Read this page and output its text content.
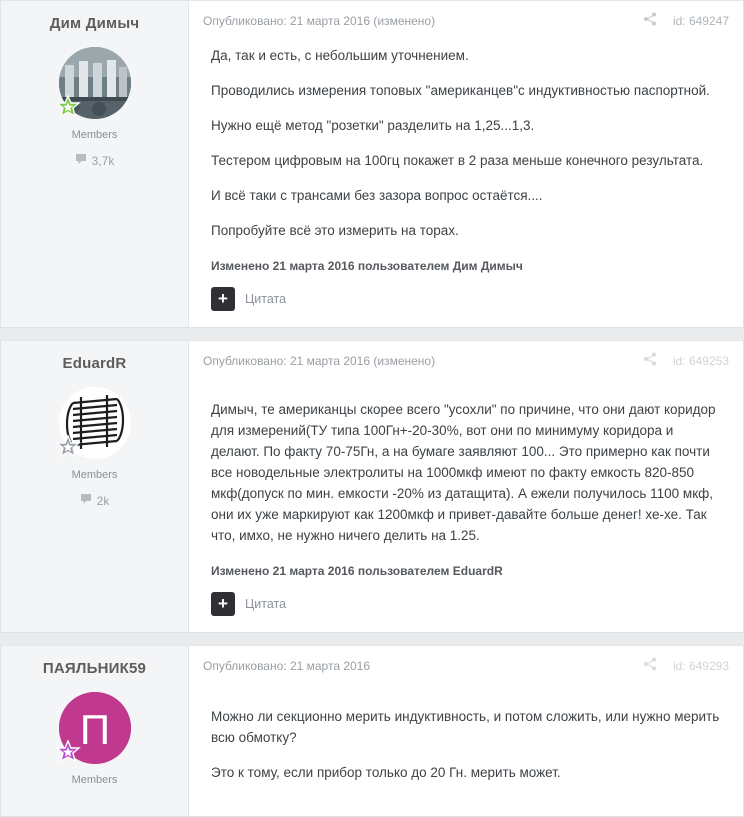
Дим Димыч
Members
3,7k
Опубликовано: 21 марта 2016 (изменено)	id: 649247

Да, так и есть, с небольшим уточнением.

Проводились измерения топовых "американцев"с индуктивностью паспортной.

Нужно ещё метод "розетки" разделить на 1,25...1,3.

Тестером цифровым на 100гц покажет в 2 раза меньше конечного результата.

И всё таки с трансами без зазора вопрос остаётся....

Попробуйте всё это измерить на торах.

Изменено 21 марта 2016 пользователем Дим Димыч
+	Цитата
EduardR
Members
2k
Опубликовано: 21 марта 2016 (изменено)	id: 649253

Димыч, те американцы скорее всего "усохли" по причине, что они дают коридор для измерений(ТУ типа 100Гн+-20-30%, вот они по минимуму коридора и делают. По факту 70-75Гн, а на бумаге заявляют 100... Это примерно как почти все новодельные электролиты на 1000мкф имеют по факту емкость 820-850 мкф(допуск по мин. емкости -20% из датащита). А ежели получилось 1100 мкф, они их уже маркируют как 1200мкф и привет-давайте больше денег! хе-хе. Так что, имхо, не нужно ничего делить на 1.25.

Изменено 21 марта 2016 пользователем EduardR
+	Цитата
ПАЯЛЬНИК59
П
Members
Опубликовано: 21 марта 2016	id: 649293

Можно ли секционно мерить индуктивность, и потом сложить, или нужно мерить всю обмотку?

Это к тому, если прибор только до 20 Гн. мерить может.
